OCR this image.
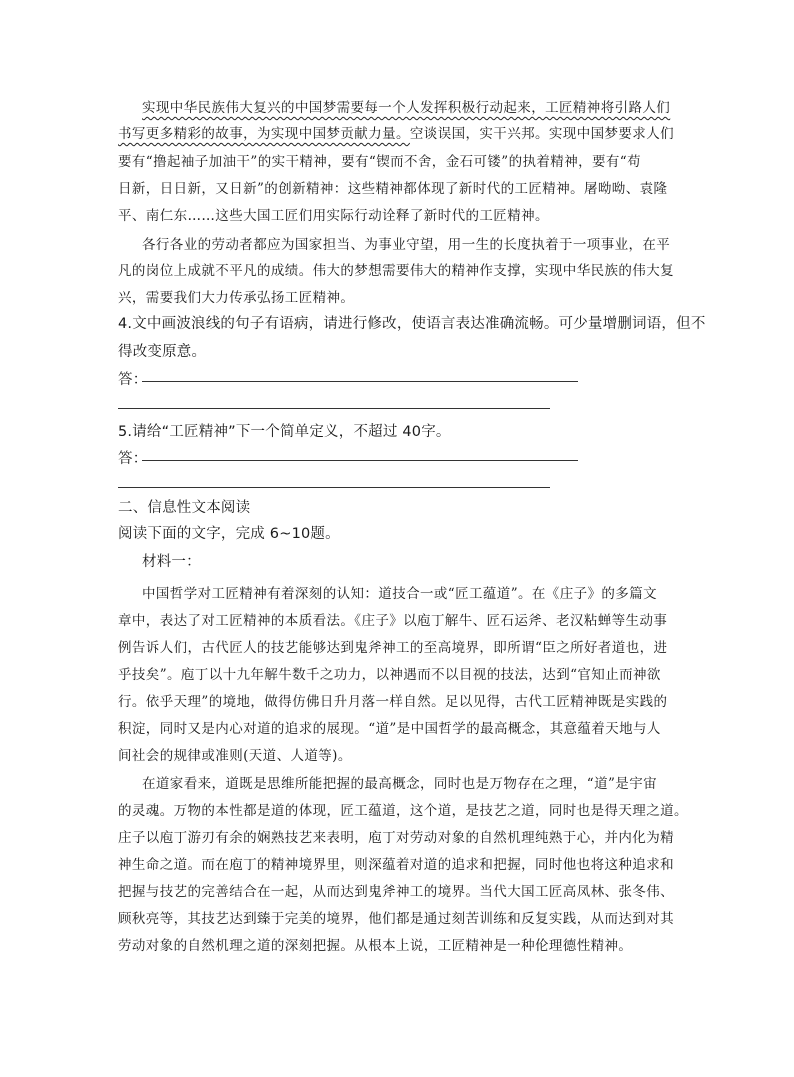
实现中华民族伟大复兴的中国梦需要每一个人发挥积极行动起来，工匠精神将引路人们
书写更多精彩的故事，为实现中国梦贡献力量。空谈误国，实干兴邦。实现中国梦要求人们
要有“撸起袖子加油干”的实干精神，要有“锲而不舍，金石可镂”的执着精神，要有“苟
日新，日日新，又日新”的创新精神：这些精神都体现了新时代的工匠精神。屠呦呦、袁隆
平、南仁东……这些大国工匠们用实际行动诠释了新时代的工匠精神。
各行各业的劳动者都应为国家担当、为事业守望，用一生的长度执着于一项事业，在平
凡的岗位上成就不平凡的成绩。伟大的梦想需要伟大的精神作支撑，实现中华民族的伟大复
兴，需要我们大力传承弘扬工匠精神。
4.文中画波浪线的句子有语病，请进行修改，使语言表达准确流畅。可少量增删词语，但不
得改变原意。
答：
5.请给“工匠精神”下一个简单定义，不超过 40字。
答：
二、信息性文本阅读
阅读下面的文字，完成 6~10题。
材料一：
中国哲学对工匠精神有着深刻的认知：道技合一或“匠工蕴道”。在《庄子》的多篇文
章中，表达了对工匠精神的本质看法。《庄子》以庖丁解牛、匠石运斧、老汉粘蝉等生动事
例告诉人们，古代匠人的技艺能够达到鬼斧神工的至高境界，即所谓“臣之所好者道也，进
乎技矣”。庖丁以十九年解牛数千之功力，以神遇而不以目视的技法，达到“官知止而神欲
行。依乎天理”的境地，做得仿佛日升月落一样自然。足以见得，古代工匠精神既是实践的
积淀，同时又是内心对道的追求的展现。“道”是中国哲学的最高概念，其意蕴着天地与人
间社会的规律或准则(天道、人道等)。
在道家看来，道既是思维所能把握的最高概念，同时也是万物存在之理，“道”是宇宙
的灵魂。万物的本性都是道的体现，匠工蕴道，这个道，是技艺之道，同时也是得天理之道。
庄子以庖丁游刃有余的娴熟技艺来表明，庖丁对劳动对象的自然机理纯熟于心，并内化为精
神生命之道。而在庖丁的精神境界里，则深蕴着对道的追求和把握，同时他也将这种追求和
把握与技艺的完善结合在一起，从而达到鬼斧神工的境界。当代大国工匠高凤林、张冬伟、
顾秋亮等，其技艺达到臻于完美的境界，他们都是通过刻苦训练和反复实践，从而达到对其
劳动对象的自然机理之道的深刻把握。从根本上说，工匠精神是一种伦理德性精神。
